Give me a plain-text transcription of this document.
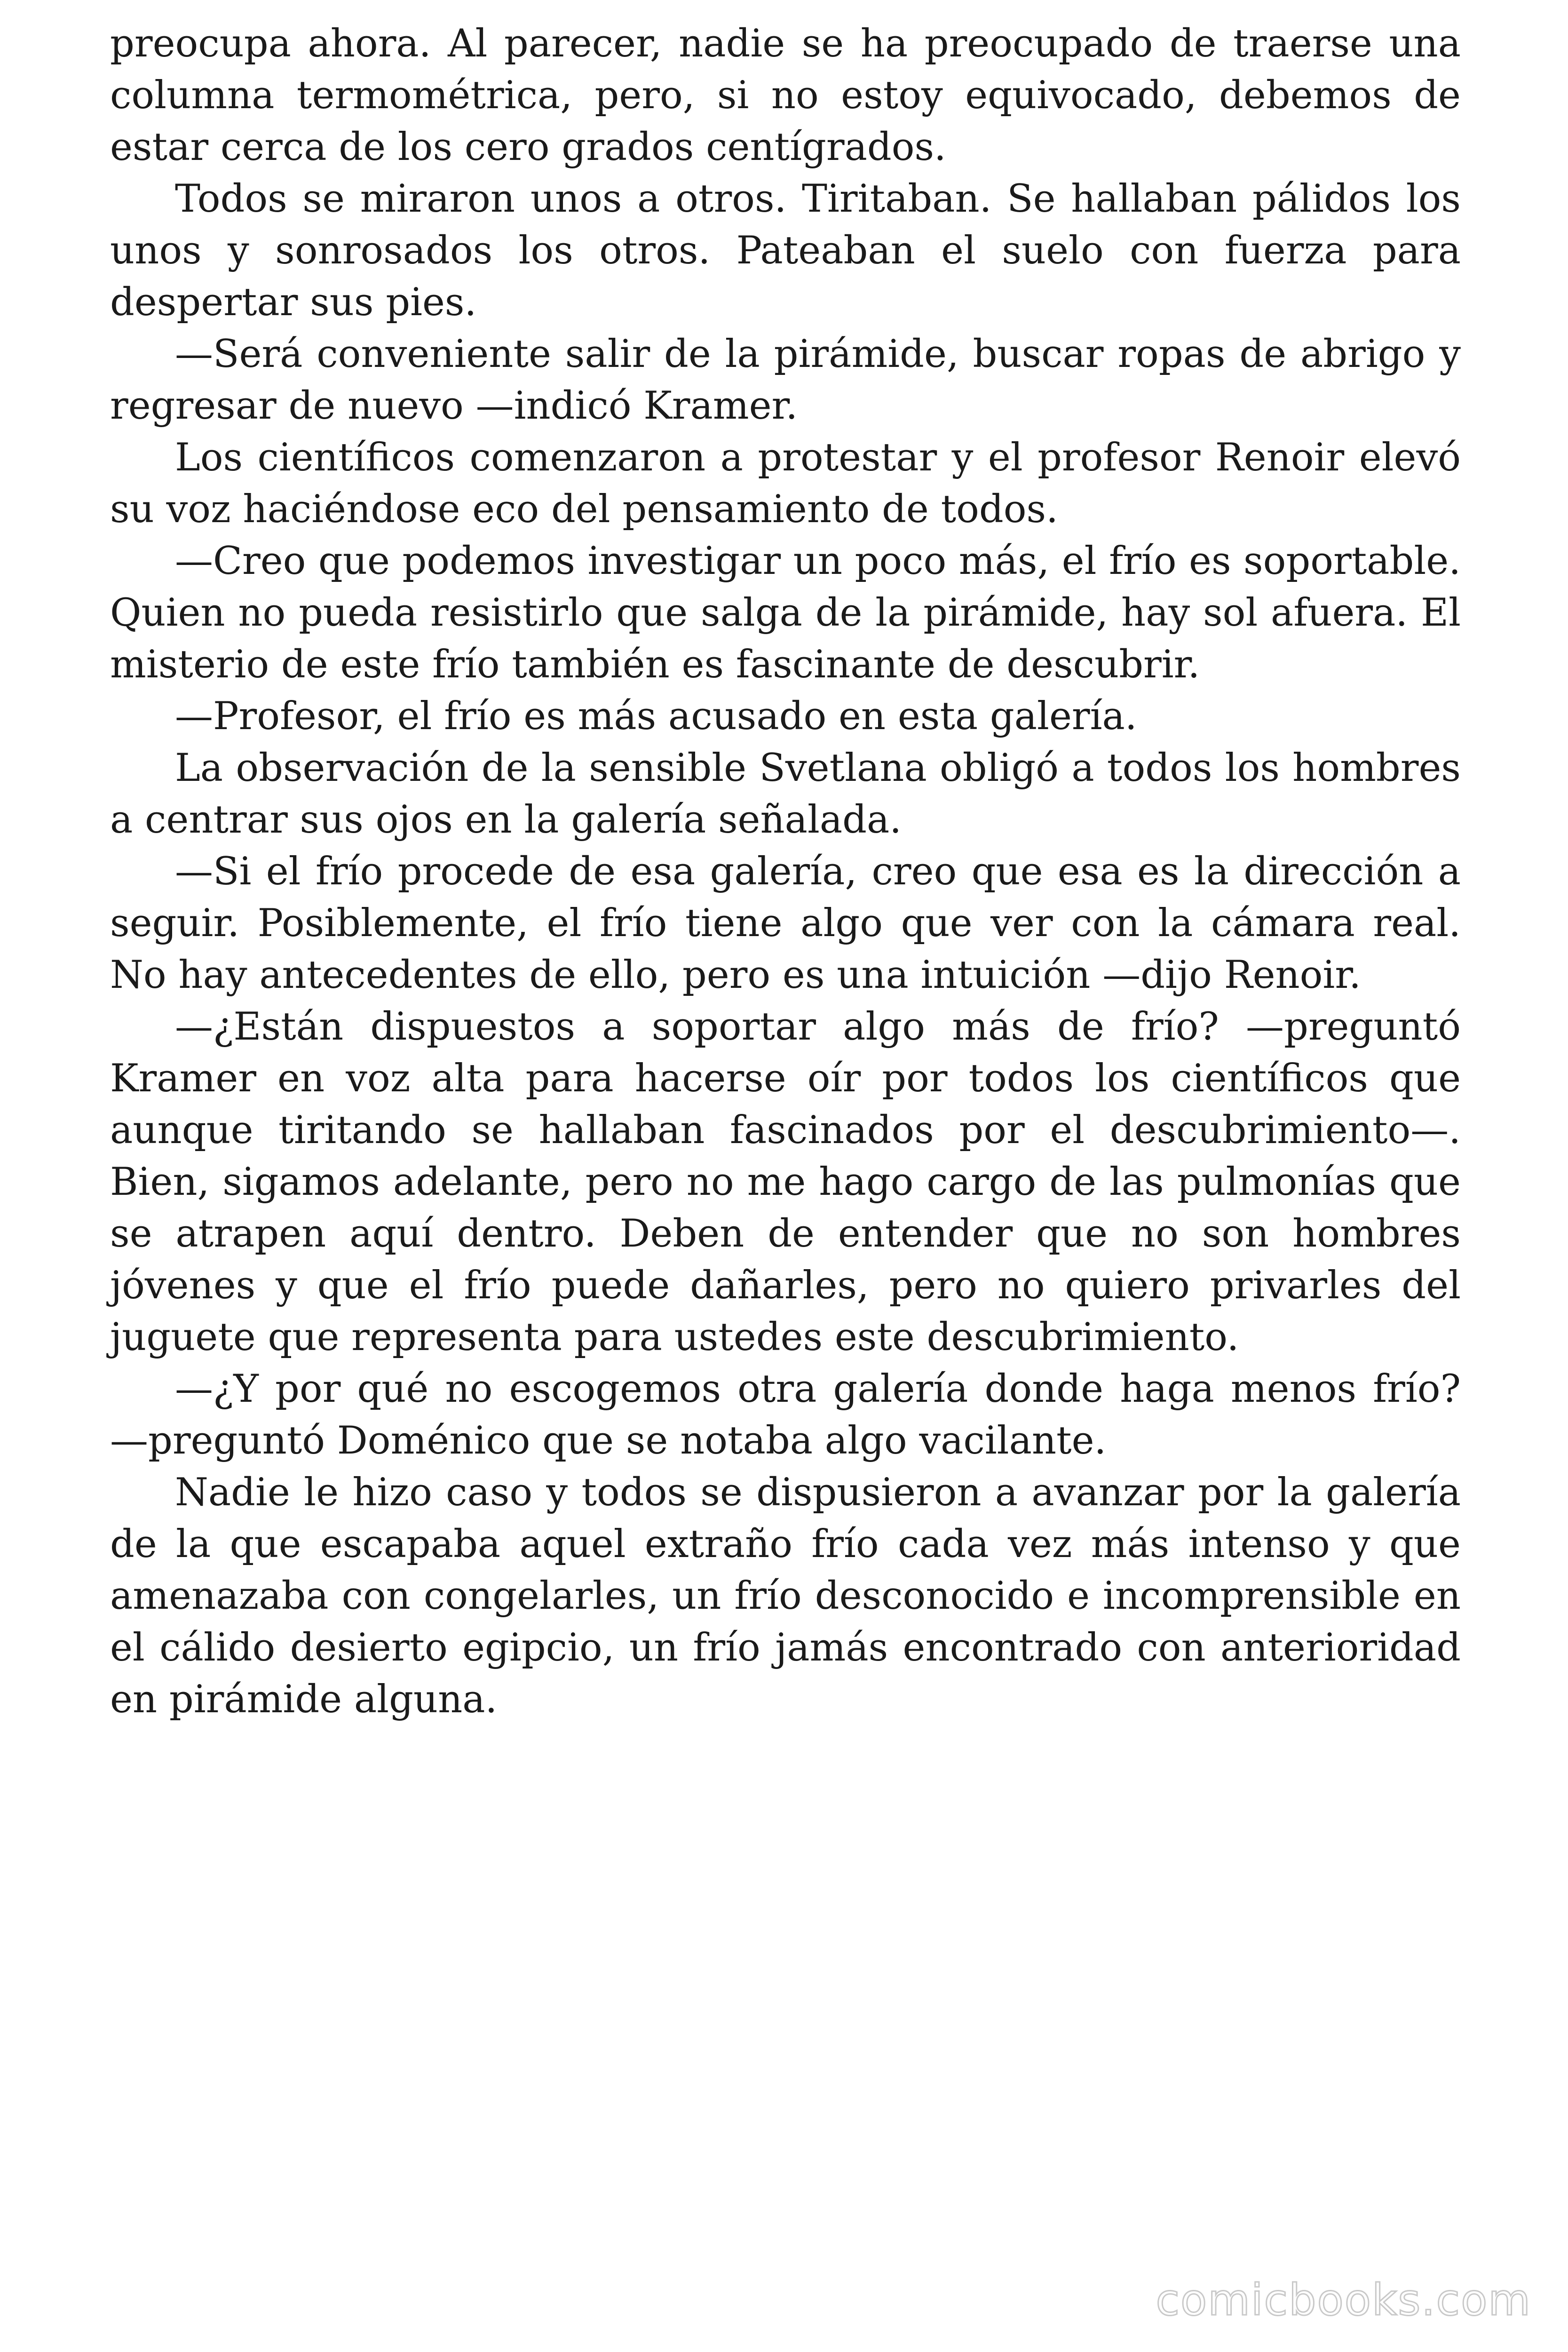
preocupa ahora. Al parecer, nadie se ha preocupado de traerse una columna termométrica, pero, si no estoy equivocado, debemos de estar cerca de los cero grados centígrados.

Todos se miraron unos a otros. Tiritaban. Se hallaban pálidos los unos y sonrosados los otros. Pateaban el suelo con fuerza para despertar sus pies.

—Será conveniente salir de la pirámide, buscar ropas de abrigo y regresar de nuevo —indicó Kramer.

Los científicos comenzaron a protestar y el profesor Renoir elevó su voz haciéndose eco del pensamiento de todos.

—Creo que podemos investigar un poco más, el frío es soportable. Quien no pueda resistirlo que salga de la pirámide, hay sol afuera. El misterio de este frío también es fascinante de descubrir.

—Profesor, el frío es más acusado en esta galería.

La observación de la sensible Svetlana obligó a todos los hombres a centrar sus ojos en la galería señalada.

—Si el frío procede de esa galería, creo que esa es la dirección a seguir. Posiblemente, el frío tiene algo que ver con la cámara real. No hay antecedentes de ello, pero es una intuición —dijo Renoir.

—¿Están dispuestos a soportar algo más de frío? —preguntó Kramer en voz alta para hacerse oír por todos los científicos que aunque tiritando se hallaban fascinados por el descubrimiento—. Bien, sigamos adelante, pero no me hago cargo de las pulmonías que se atrapen aquí dentro. Deben de entender que no son hombres jóvenes y que el frío puede dañarles, pero no quiero privarles del juguete que representa para ustedes este descubrimiento.

—¿Y por qué no escogemos otra galería donde haga menos frío? —preguntó Doménico que se notaba algo vacilante.

Nadie le hizo caso y todos se dispusieron a avanzar por la galería de la que escapaba aquel extraño frío cada vez más intenso y que amenazaba con congelarles, un frío desconocido e incomprensible en el cálido desierto egipcio, un frío jamás encontrado con anterioridad en pirámide alguna.

comicbooks.com
